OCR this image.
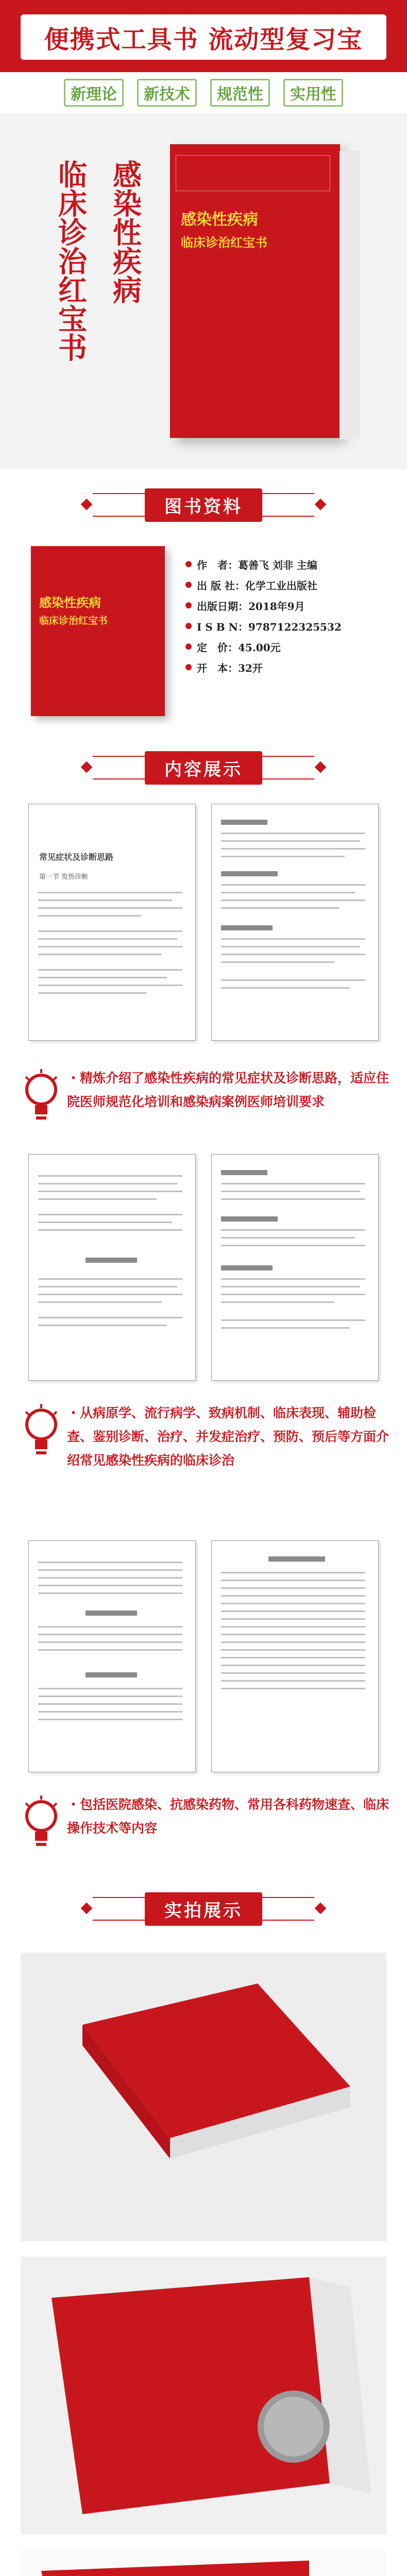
便携式工具书 流动型复习宝
新理论	新技术	规范性	实用性
感染性疾病
临床诊治红宝书	感染性疾病
临床诊治红宝书
图书资料
感染性疾病
临床诊治红宝书
作　者：葛善飞 刘非 主编
出 版 社：化学工业出版社
出版日期：2018年9月
I S B N：9787122325532
定　价：45.00元
开　本：32开
内容展示
常见症状及诊断思路
第一节 发热诊断
・精炼介绍了感染性疾病的常见症状及诊断思路，适应住院医师规范化培训和感染病案例医师培训要求
・从病原学、流行病学、致病机制、临床表现、辅助检查、鉴别诊断、治疗、并发症治疗、预防、预后等方面介绍常见感染性疾病的临床诊治
・包括医院感染、抗感染药物、常用各科药物速查、临床操作技术等内容
实拍展示
